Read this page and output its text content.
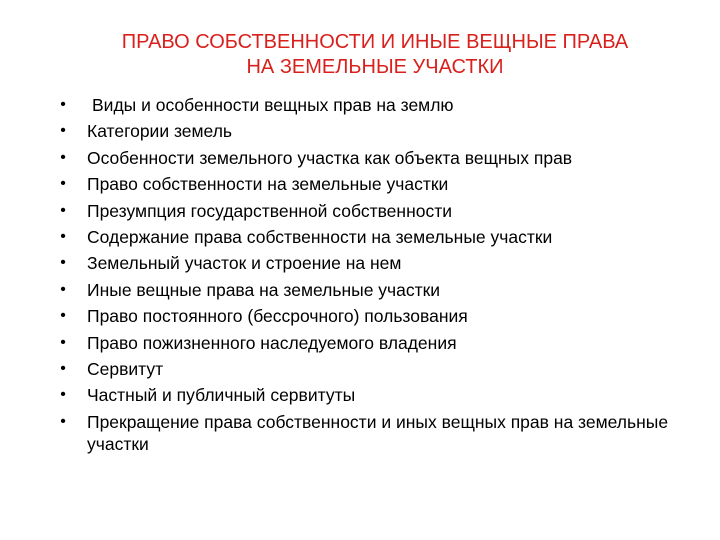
ПРАВО СОБСТВЕННОСТИ И ИНЫЕ ВЕЩНЫЕ ПРАВА
НА ЗЕМЕЛЬНЫЕ УЧАСТКИ
• Виды и особенности вещных прав на землю
• Категории земель
• Особенности земельного участка как объекта вещных прав
• Право собственности на земельные участки
• Презумпция государственной собственности
• Содержание права собственности на земельные участки
• Земельный участок и строение на нем
• Иные вещные права на земельные участки
• Право постоянного (бессрочного) пользования
• Право пожизненного наследуемого владения
• Сервитут
• Частный и публичный сервитуты
• Прекращение права собственности и иных вещных прав на земельные участки
